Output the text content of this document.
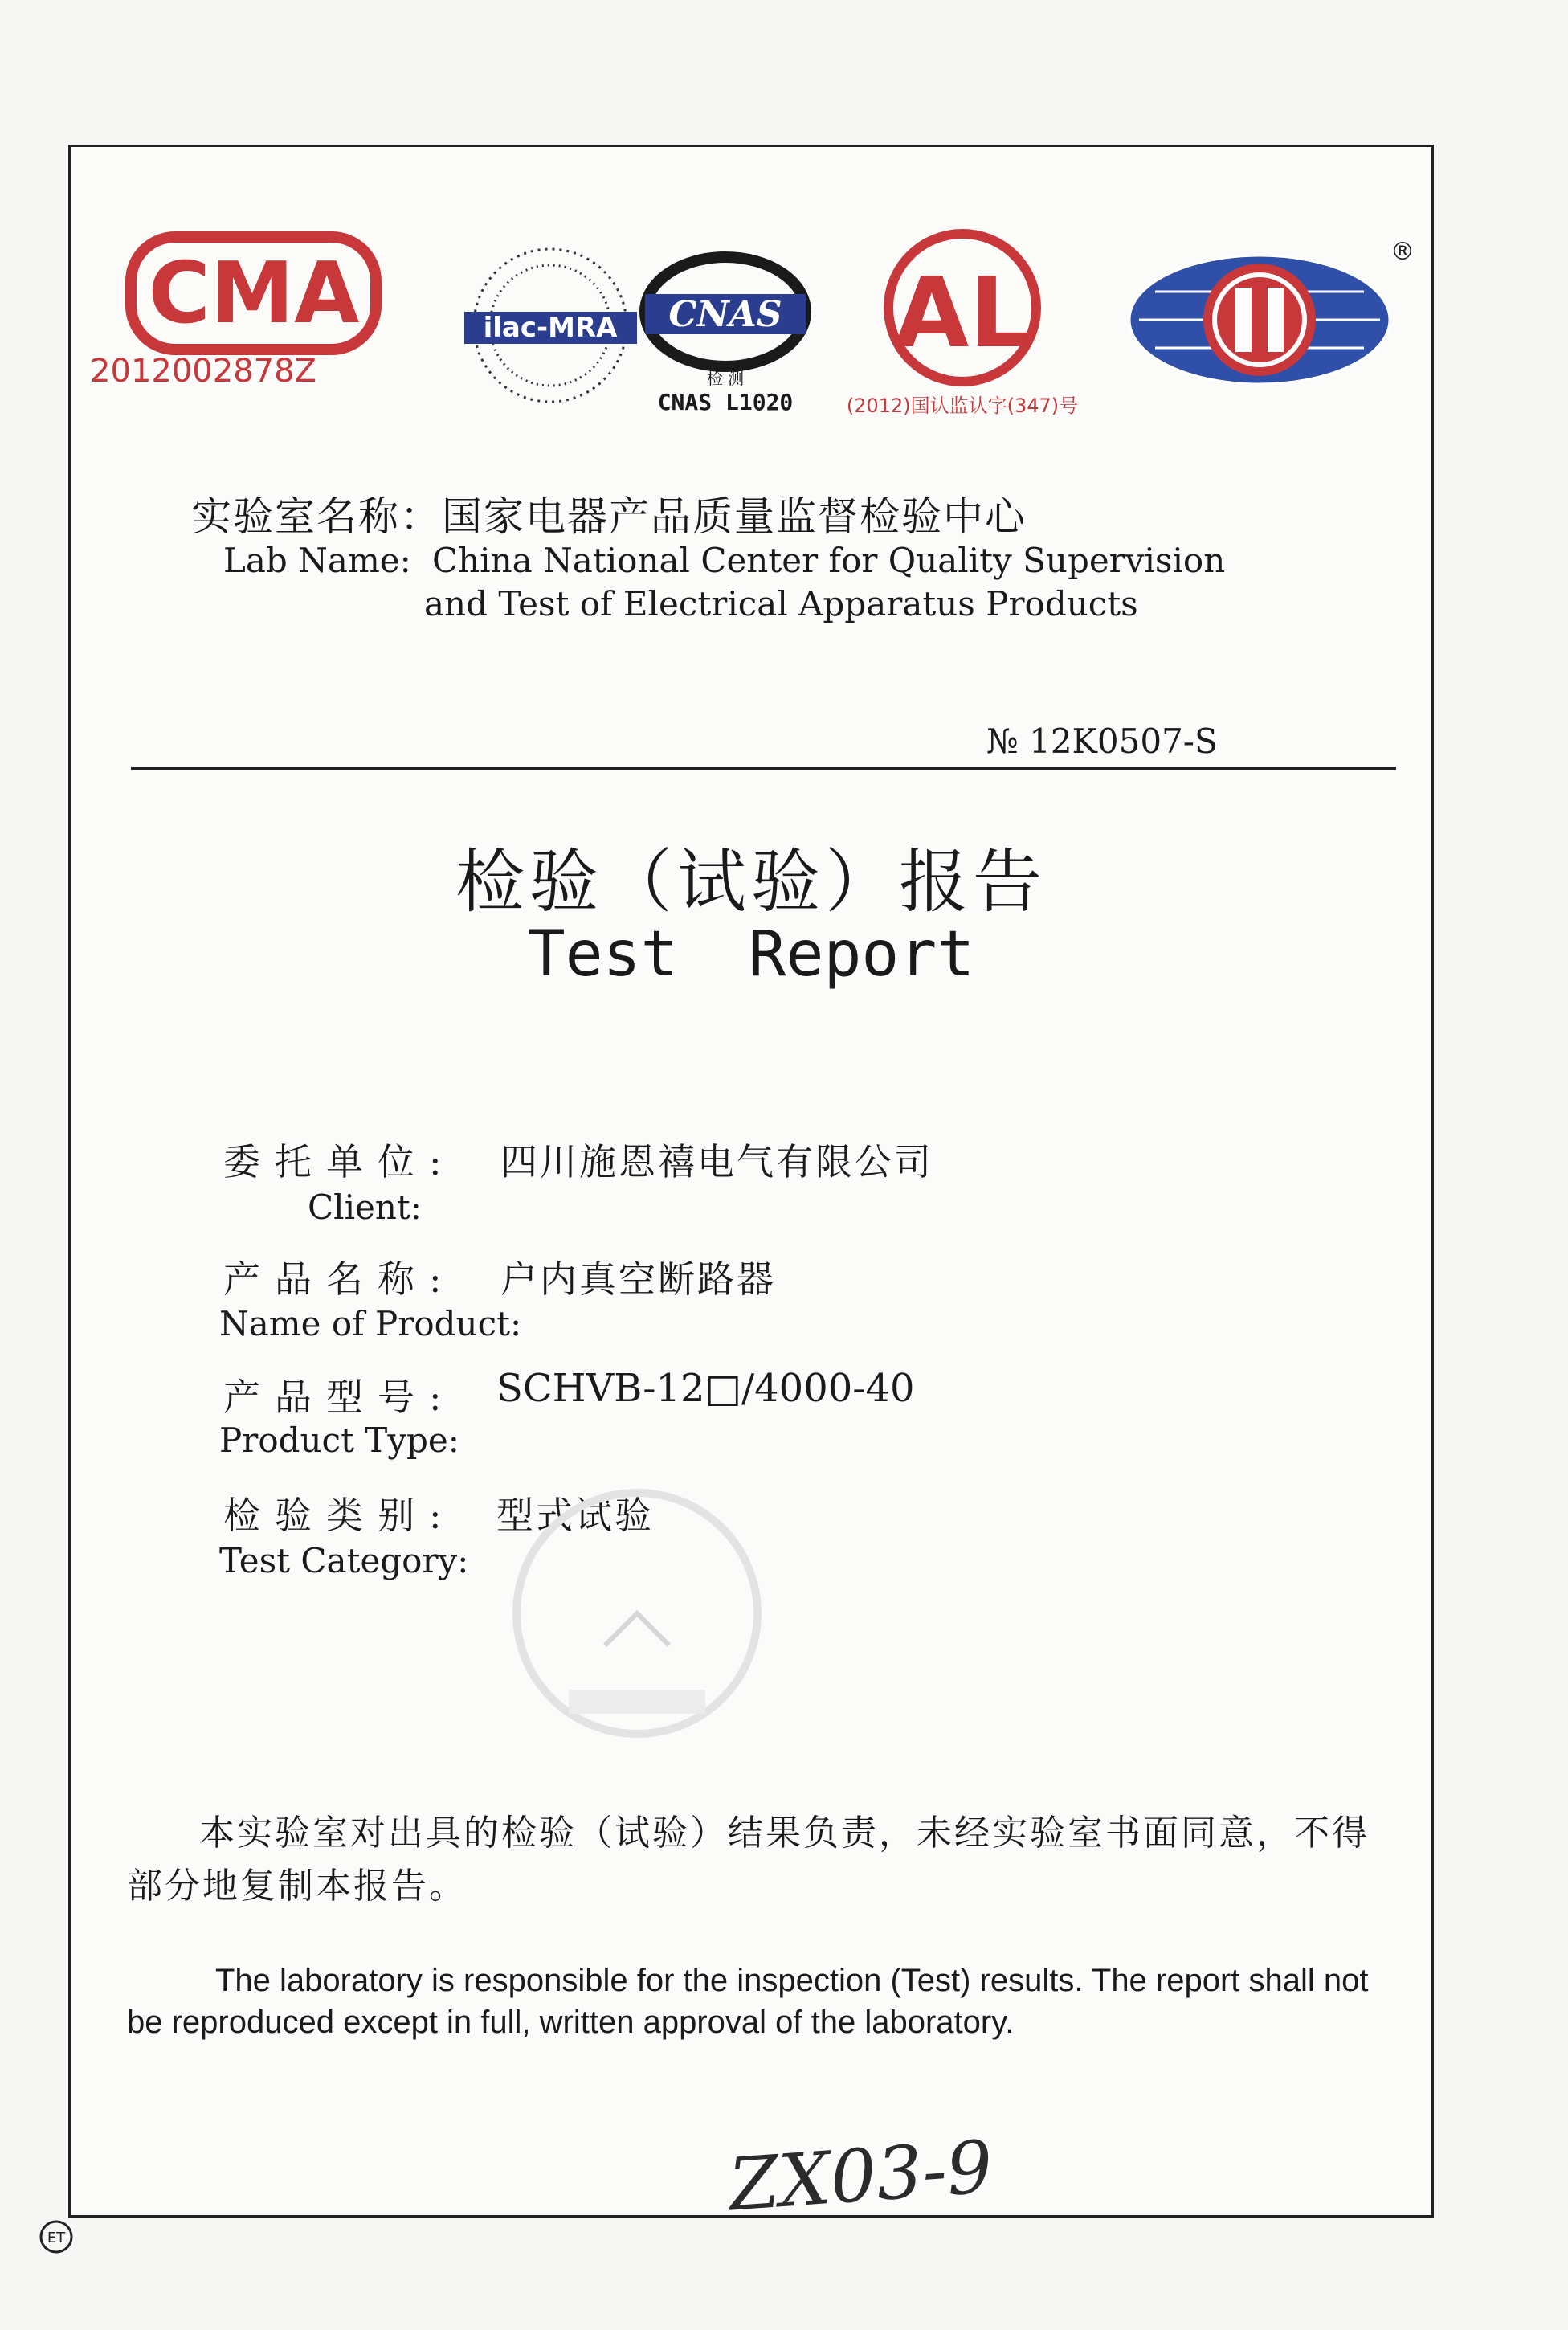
CMA
2012002878Z
ilac-MRA CNAS
检 测
CNAS L1020
AL
(2012)国认监认字(347)号
®
实验室名称：国家电器产品质量监督检验中心
Lab Name: China National Center for Quality Supervision
and Test of Electrical Apparatus Products
№ 12K0507-S
检验（试验）报告
Test Report
委托单位: 四川施恩禧电气有限公司
Client:
产品名称: 户内真空断路器
Name of Product:
产品型号: SCHVB-12□/4000-40
Product Type:
检验类别: 型式试验
Test Category:
本实验室对出具的检验（试验）结果负责，未经实验室书面同意，不得部分地复制本报告。
The laboratory is responsible for the inspection (Test) results. The report shall not be reproduced except in full, written approval of the laboratory.
ZX03-9
ET
